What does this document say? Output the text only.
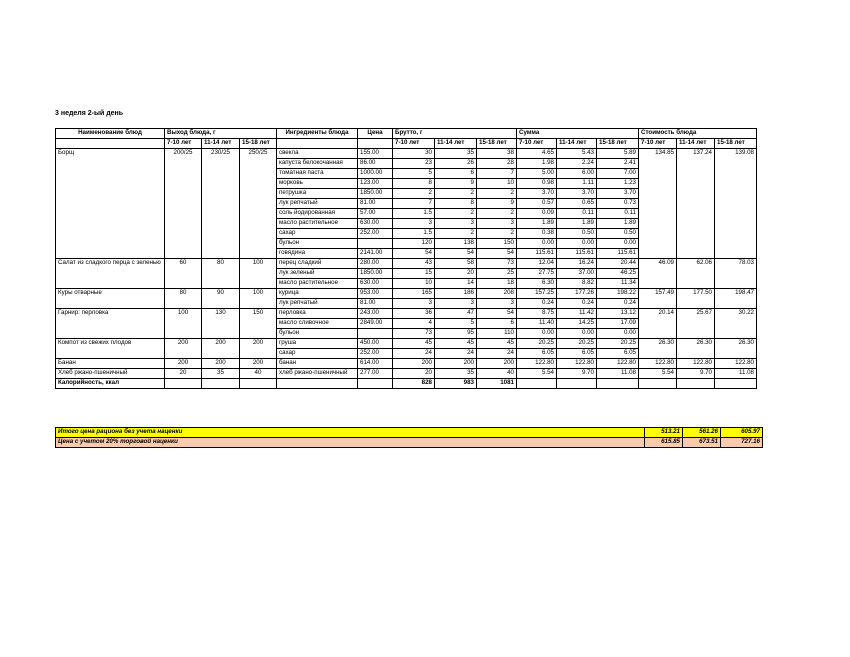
3 неделя 2-ый день
Наименование блюд	Выход блюда, г			Ингредиенты блюда	Цена	Брутто, г			Сумма			Стоимость блюда		
	7-10 лет	11-14 лет	15-18 лет			7-10 лет	11-14 лет	15-18 лет	7-10 лет	11-14 лет	15-18 лет	7-10 лет	11-14 лет	15-18 лет
Борщ	200/25	230/25	250/25	свекла	155.00	30	35	38	4.65	5.43	5.89	134.85	137.24	139.08
				капуста белокочанная	86.00	23	26	28	1.98	2.24	2.41			
				томатная паста	1000.00	5	6	7	5.00	6.00	7.00			
				морковь	123.00	8	9	10	0.98	1.11	1.23			
				петрушка	1850.00	2	2	2	3.70	3.70	3.70			
				лук репчатый	81.00	7	8	9	0.57	0.65	0.73			
				соль йодированная	57.00	1.5	2	2	0.09	0.11	0.11			
				масло растительное	630.00	3	3	3	1.89	1.89	1.89			
				сахар	252.00	1.5	2	2	0.38	0.50	0.50			
				бульон		120	138	150	0.00	0.00	0.00			
				говядина	2141.00	54	54	54	115.61	115.61	115.61			
Салат из сладкого перца с зеленью	60	80	100	перец сладкий	280.00	43	58	73	12.04	16.24	20.44	46.09	62.06	78.03
				лук зеленый	1850.00	15	20	25	27.75	37.00	46.25			
				масло растительное	630.00	10	14	18	6.30	8.82	11.34			
Куры отварные	80	90	100	курица	953.00	165	186	208	157.25	177.26	198.22	157.49	177.50	198.47
				лук репчатый	81.00	3	3	3	0.24	0.24	0.24			
Гарнир: перловка	100	130	150	перловка	243.00	36	47	54	8.75	11.42	13.12	20.14	25.67	30.22
				масло сливочное	2849.00	4	5	6	11.40	14.25	17.09			
				бульон		73	95	110	0.00	0.00	0.00			
Компот из свежих плодов	200	200	200	груша	450.00	45	45	45	20.25	20.25	20.25	26.30	26.30	26.30
				сахар	252.00	24	24	24	6.05	6.05	6.05			
Банан	200	200	200	банан	614.00	200	200	200	122.80	122.80	122.80	122.80	122.80	122.80
Хлеб ржано-пшеничный	20	35	40	хлеб ржано-пшеничный	277.00	20	35	40	5.54	9.70	11.08	5.54	9.70	11.08
Калорийность, ккал						828	983	1081						
Итого цена рациона без учета наценки	513.21	561.26	605.97
Цена с учетом 20% торговой наценки	615.85	673.51	727.16
